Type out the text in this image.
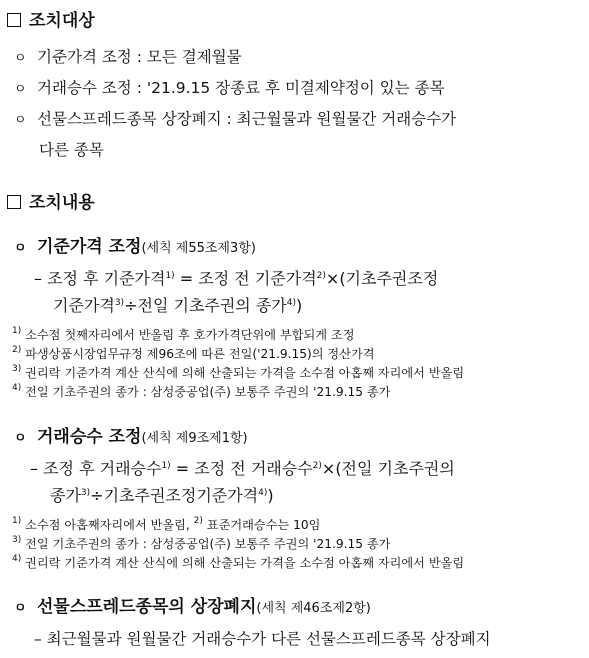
조치대상
ㅇ 기준가격 조정 : 모든 결제월물
ㅇ 거래승수 조정 : '21.9.15 장종료 후 미결제약정이 있는 종목
ㅇ 선물스프레드종목 상장폐지 : 최근월물과 원월물간 거래승수가
다른 종목
조치내용
ㅇ 기준가격 조정(세칙 제55조제3항)
– 조정 후 기준가격$^{1)}$ = 조정 전 기준가격$^{2)}$×(기초주권조정
기준가격$^{3)}$÷전일 기초주권의 종가$^{4)}$)
$^{1)}$ 소수점 첫째자리에서 반올림 후 호가가격단위에 부합되게 조정
$^{2)}$ 파생상품시장업무규정 제96조에 따른 전일('21.9.15)의 정산가격
$^{3)}$ 권리락 기준가격 계산 산식에 의해 산출되는 가격을 소수점 아홉째 자리에서 반올림
$^{4)}$ 전일 기초주권의 종가 : 삼성중공업(주) 보통주 주권의 '21.9.15 종가
ㅇ 거래승수 조정(세칙 제9조제1항)
– 조정 후 거래승수$^{1)}$ = 조정 전 거래승수$^{2)}$×(전일 기초주권의
종가$^{3)}$÷기초주권조정기준가격$^{4)}$)
$^{1)}$ 소수점 아홉째자리에서 반올림, $^{2)}$ 표준거래승수는 10임
$^{3)}$ 전일 기초주권의 종가 : 삼성중공업(주) 보통주 주권의 '21.9.15 종가
$^{4)}$ 권리락 기준가격 계산 산식에 의해 산출되는 가격을 소수점 아홉째 자리에서 반올림
ㅇ 선물스프레드종목의 상장폐지(세칙 제46조제2항)
– 최근월물과 원월물간 거래승수가 다른 선물스프레드종목 상장폐지
